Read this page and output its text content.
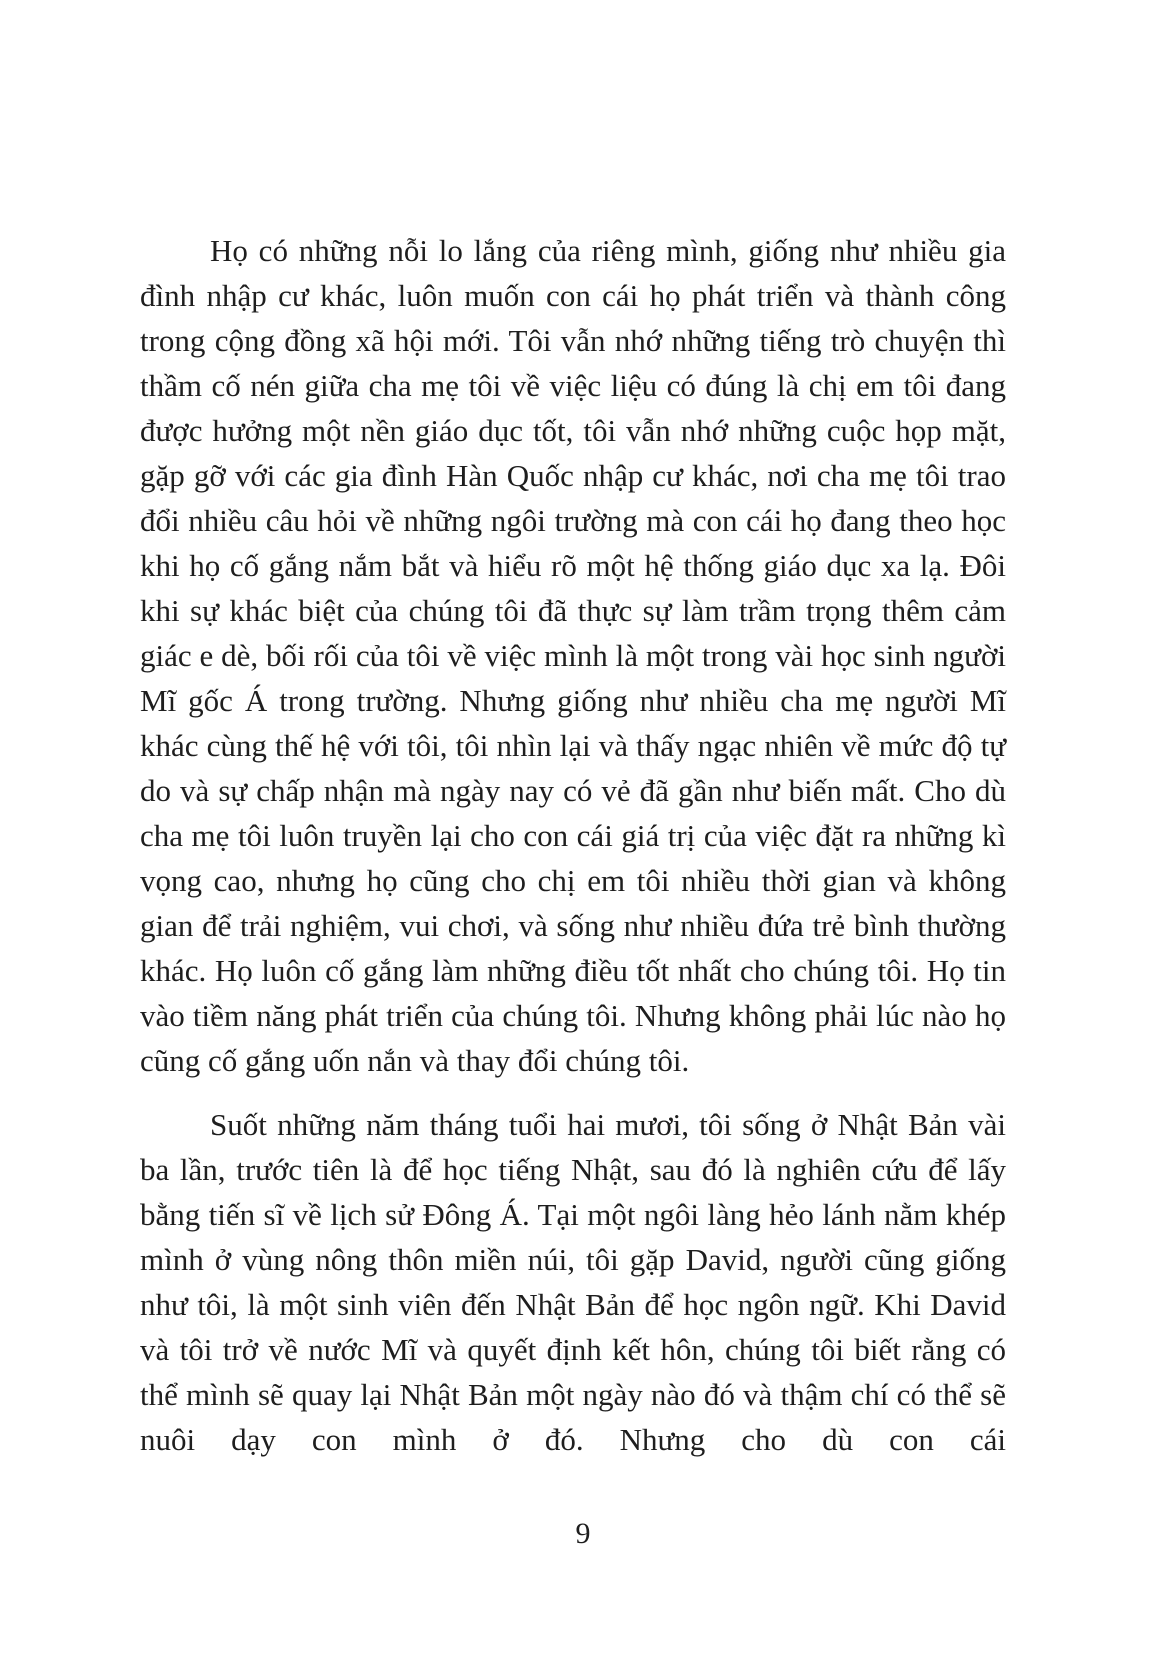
Họ có những nỗi lo lắng của riêng mình, giống như nhiều gia đình nhập cư khác, luôn muốn con cái họ phát triển và thành công trong cộng đồng xã hội mới. Tôi vẫn nhớ những tiếng trò chuyện thì thầm cố nén giữa cha mẹ tôi về việc liệu có đúng là chị em tôi đang được hưởng một nền giáo dục tốt, tôi vẫn nhớ những cuộc họp mặt, gặp gỡ với các gia đình Hàn Quốc nhập cư khác, nơi cha mẹ tôi trao đổi nhiều câu hỏi về những ngôi trường mà con cái họ đang theo học khi họ cố gắng nắm bắt và hiểu rõ một hệ thống giáo dục xa lạ. Đôi khi sự khác biệt của chúng tôi đã thực sự làm trầm trọng thêm cảm giác e dè, bối rối của tôi về việc mình là một trong vài học sinh người Mĩ gốc Á trong trường. Nhưng giống như nhiều cha mẹ người Mĩ khác cùng thế hệ với tôi, tôi nhìn lại và thấy ngạc nhiên về mức độ tự do và sự chấp nhận mà ngày nay có vẻ đã gần như biến mất. Cho dù cha mẹ tôi luôn truyền lại cho con cái giá trị của việc đặt ra những kì vọng cao, nhưng họ cũng cho chị em tôi nhiều thời gian và không gian để trải nghiệm, vui chơi, và sống như nhiều đứa trẻ bình thường khác. Họ luôn cố gắng làm những điều tốt nhất cho chúng tôi. Họ tin vào tiềm năng phát triển của chúng tôi. Nhưng không phải lúc nào họ cũng cố gắng uốn nắn và thay đổi chúng tôi.

Suốt những năm tháng tuổi hai mươi, tôi sống ở Nhật Bản vài ba lần, trước tiên là để học tiếng Nhật, sau đó là nghiên cứu để lấy bằng tiến sĩ về lịch sử Đông Á. Tại một ngôi làng hẻo lánh nằm khép mình ở vùng nông thôn miền núi, tôi gặp David, người cũng giống như tôi, là một sinh viên đến Nhật Bản để học ngôn ngữ. Khi David và tôi trở về nước Mĩ và quyết định kết hôn, chúng tôi biết rằng có thể mình sẽ quay lại Nhật Bản một ngày nào đó và thậm chí có thể sẽ nuôi dạy con mình ở đó. Nhưng cho dù con cái

9
